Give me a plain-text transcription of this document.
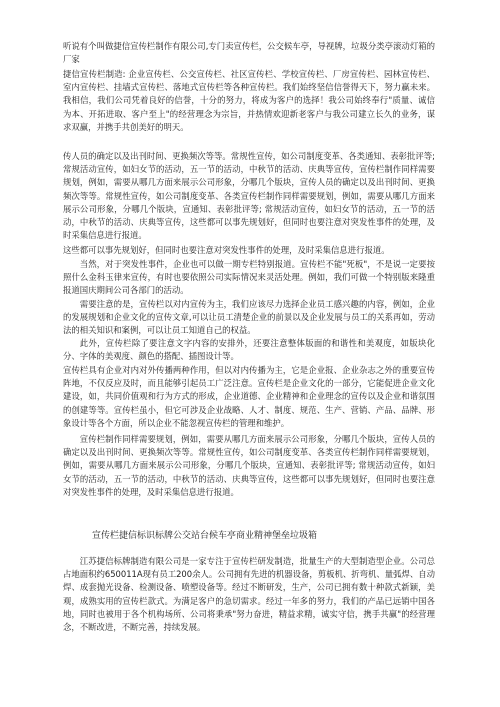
听说有个叫做捷信宣传栏制作有限公司,专门卖宣传栏，公交候车亭，导视牌，垃圾分类亭滚动灯箱的厂家

捷信宣传栏制造: 企业宣传栏、公交宣传栏、社区宣传栏、学校宣传栏、厂房宣传栏、园林宣传栏、室内宣传栏、挂墙式宣传栏、落地式宣传栏等各种宣传栏。我们始终坚信信誉得天下，努力赢未来。我相信，我们公司凭着良好的信誉，十分的努力，将成为客户的选择！我公司始终奉行"质量、诚信为本、开拓进取、客户至上"的经营理念为宗旨，并热情欢迎新老客户与我公司建立长久的业务，谋求双赢，并携手共创美好的明天。

传人员的确定以及出刊时间、更换频次等等。常规性宣传，如公司制度变革、各类通知、表彰批评等; 常规活动宣传，如妇女节的活动，五一节的活动，中秋节的活动、庆典等宣传，宣传栏制作同样需要规划，例如，需要从哪几方面来展示公司形象，分哪几个版块，宣传人员的确定以及出刊时间、更换频次等等。常规性宣传，如公司制度变革、各类宣传栏制作同样需要规划，例如，需要从哪几方面来展示公司形象，分哪几个版块，宣通知、表彰批评等; 常规活动宣传，如妇女节的活动，五一节的活动，中秋节的活动、庆典等宣传，这些都可以事先规划好，但同时也要注意对突发性事件的处理，及时采集信息进行报道。

这些都可以事先规划好，但同时也要注意对突发性事件的处理，及时采集信息进行报道。

当然，对于突发性事件，企业也可以做一期专栏特别报道。宣传栏不能"死板"，不是说一定要按照什么金科玉律来宣传，有时也要依照公司实际情况来灵活处理。例如，我们可做一个特别版来隆重报道国庆期间公司各部门的活动。

需要注意的是，宣传栏以对内宣传为主，我们应该尽力选择企业员工感兴趣的内容，例如，企业的发展规划和企业文化的宣传文章,可以让员工清楚企业的前景以及企业发展与员工的关系再如，劳动法的相关知识和案例，可以让员工知道自己的权益。

此外，宣传栏除了要注意文字内容的安排外，还要注意整体版面的和谐性和美观度，如版块化分、字体的美观度、颜色的搭配、插图设计等。

宣传栏具有企业对内对外传播两种作用，但以对内传播为主，它是企业报、企业杂志之外的重要宣传阵地，不仅反应及时，而且能够引起员工广泛注意。宣传栏是企业文化的一部分，它能促进企业文化建设，如，共同价值观和行为方式的形成，企业道德、企业精神和企业理念的宣传以及企业和谐氛围的创建等等。宣传栏虽小，但它可涉及企业战略、人才、制度、规范、生产、营销、产品、品牌、形象设计等各个方面，所以企业不能忽视宣传栏的管理和维护。

宣传栏制作同样需要规划，例如，需要从哪几方面来展示公司形象，分哪几个版块，宣传人员的确定以及出刊时间、更换频次等等。常规性宣传，如公司制度变革、各类宣传栏制作同样需要规划，例如，需要从哪几方面来展示公司形象，分哪几个版块，宣通知、表彰批评等; 常规活动宣传，如妇女节的活动，五一节的活动，中秋节的活动、庆典等宣传，这些都可以事先规划好，但同时也要注意对突发性事件的处理，及时采集信息进行报道。

宣传栏捷信标识标牌公交站台候车亭商业精神堡垒垃圾箱

江苏捷信标牌制造有限公司是一家专注于宣传栏研发制造，批量生产的大型制造型企业。公司总占地面积约650011A现有员工200余人。公司拥有先进的机器设备，剪板机、折弯机、量弧焊、自动焊、成套抛光设备、检测设备、喷塑设备等。经过不断研发，生产，公司已拥有数十种款式新颖，美观，成熟实用的宣传栏款式。为满足客户的急切需求。经过一年多的努力，我们的产品已远销中国各地，同时也被用于各个机构场所、公司将秉承"努力奋进，精益求精，诚实守信，携手共赢"的经营理念，不断改进，不断完善，持续发展。
